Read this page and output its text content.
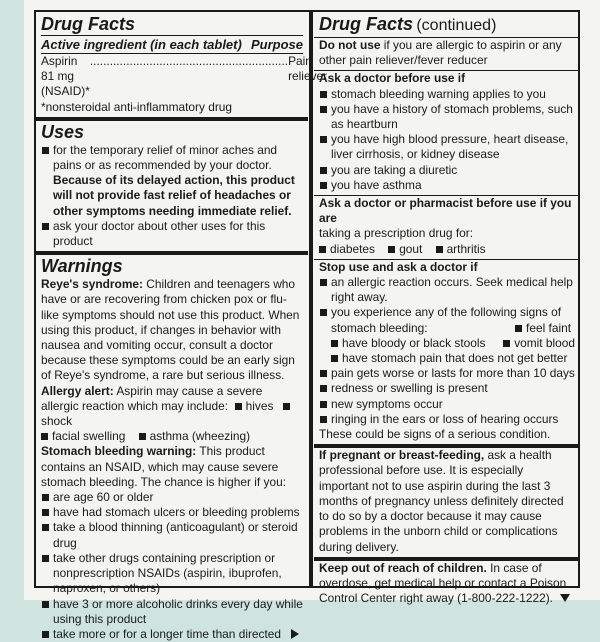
Drug Facts
Active ingredient (in each tablet) Purpose
Aspirin 81 mg (NSAID)*
............................................................ Pain reliever
*nonsteroidal anti-inflammatory drug
Uses
for the temporary relief of minor aches and pains or as recommended by your doctor.
Because of its delayed action, this product will not provide fast relief of headaches or other symptoms needing immediate relief.
ask your doctor about other uses for this product
Warnings
Reye's syndrome: Children and teenagers who have or are recovering from chicken pox or flu-like symptoms should not use this product. When using this product, if changes in behavior with nausea and vomiting occur, consult a doctor because these symptoms could be an early sign of Reye's syndrome, a rare but serious illness.
Allergy alert: Aspirin may cause a severe allergic reaction which may include: hives   shock
facial swelling asthma (wheezing)
Stomach bleeding warning: This product contains an NSAID, which may cause severe stomach bleeding. The chance is higher if you:
are age 60 or older
have had stomach ulcers or bleeding problems
take a blood thinning (anticoagulant) or steroid drug
take other drugs containing prescription or nonprescription NSAIDs (aspirin, ibuprofen, naproxen, or others)
have 3 or more alcoholic drinks every day while using this product
take more or for a longer time than directed
Drug Facts (continued)
Do not use if you are allergic to aspirin or any other pain reliever/fever reducer
Ask a doctor before use if
stomach bleeding warning applies to you
you have a history of stomach problems, such as heartburn
you have high blood pressure, heart disease, liver cirrhosis, or kidney disease
you are taking a diuretic
you have asthma
Ask a doctor or pharmacist before use if you are
taking a prescription drug for:
diabetes gout arthritis
Stop use and ask a doctor if
an allergic reaction occurs. Seek medical help right away.
you experience any of the following signs of stomach bleeding:	feel faint
have bloody or black stools	vomit blood
have stomach pain that does not get better
pain gets worse or lasts for more than 10 days
redness or swelling is present
new symptoms occur
ringing in the ears or loss of hearing occurs
These could be signs of a serious condition.
If pregnant or breast-feeding, ask a health professional before use. It is especially important not to use aspirin during the last 3 months of pregnancy unless definitely directed to do so by a doctor because it may cause problems in the unborn child or complications during delivery.
Keep out of reach of children. In case of overdose, get medical help or contact a Poison Control Center right away (1-800-222-1222).
